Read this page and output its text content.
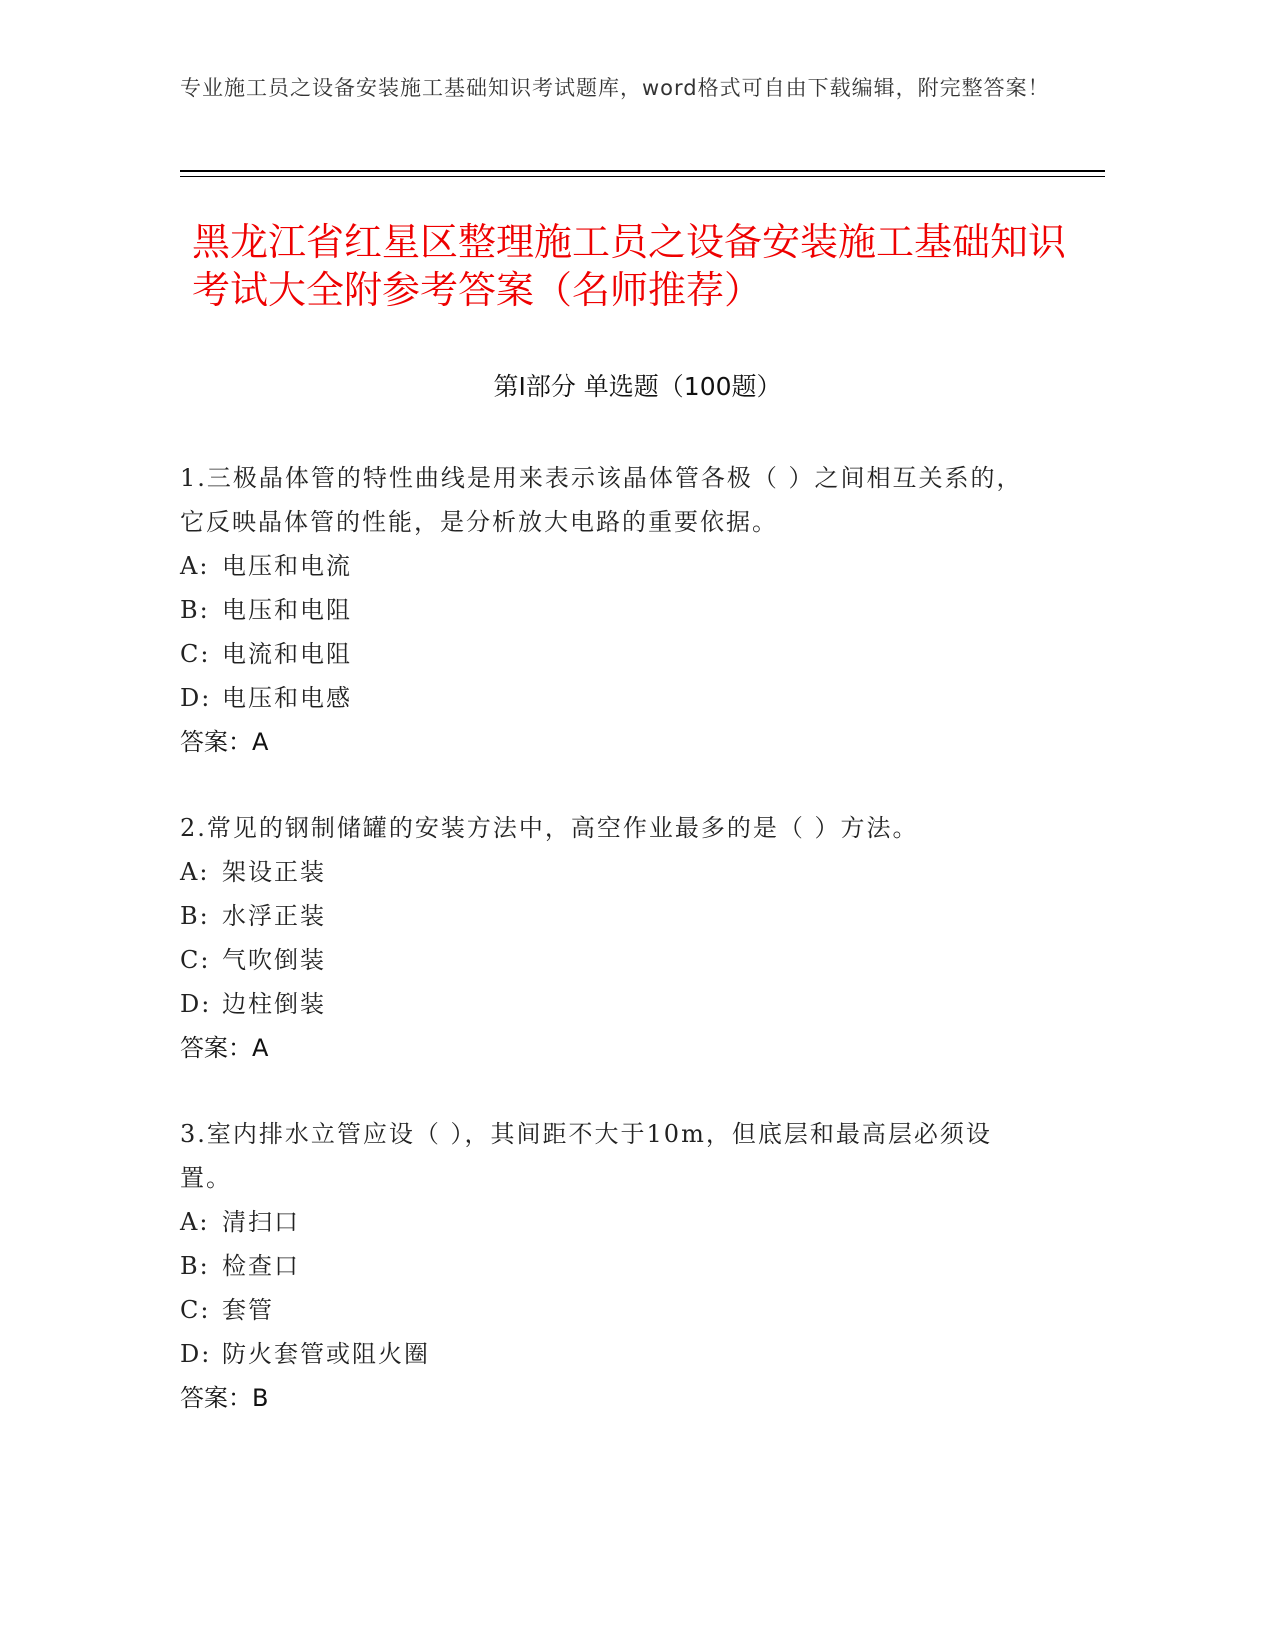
专业施工员之设备安装施工基础知识考试题库，word格式可自由下载编辑，附完整答案！
黑龙江省红星区整理施工员之设备安装施工基础知识考试大全附参考答案（名师推荐）
第Ⅰ部分 单选题（100题）
1.三极晶体管的特性曲线是用来表示该晶体管各极（ ）之间相互关系的，它反映晶体管的性能，是分析放大电路的重要依据。
A: 电压和电流
B: 电压和电阻
C: 电流和电阻
D: 电压和电感
答案：A
2.常见的钢制储罐的安装方法中，高空作业最多的是（ ）方法。
A: 架设正装
B: 水浮正装
C: 气吹倒装
D: 边柱倒装
答案：A
3.室内排水立管应设（ ），其间距不大于10m，但底层和最高层必须设置。
A: 清扫口
B: 检查口
C: 套管
D: 防火套管或阻火圈
答案：B
